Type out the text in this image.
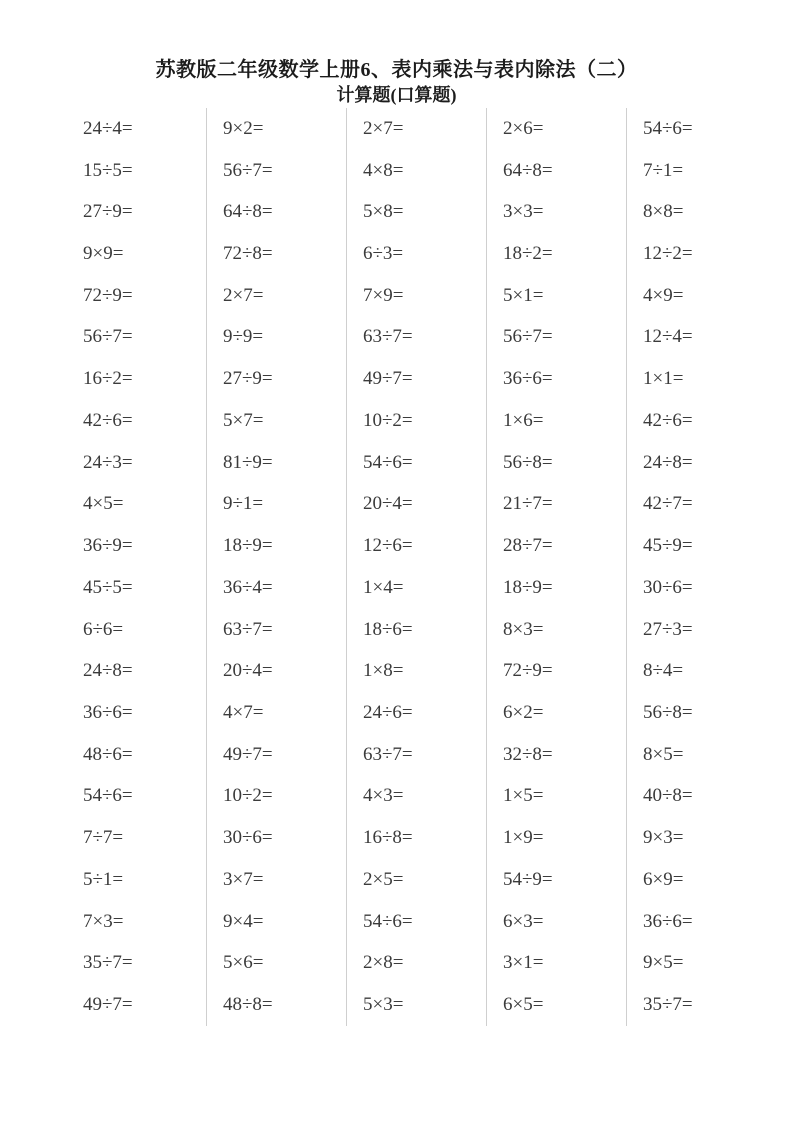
苏教版二年级数学上册6、表内乘法与表内除法（二）
计算题(口算题)
24÷4=	9×2=	2×7=	2×6=	54÷6=
15÷5=	56÷7=	4×8=	64÷8=	7÷1=
27÷9=	64÷8=	5×8=	3×3=	8×8=
9×9=	72÷8=	6÷3=	18÷2=	12÷2=
72÷9=	2×7=	7×9=	5×1=	4×9=
56÷7=	9÷9=	63÷7=	56÷7=	12÷4=
16÷2=	27÷9=	49÷7=	36÷6=	1×1=
42÷6=	5×7=	10÷2=	1×6=	42÷6=
24÷3=	81÷9=	54÷6=	56÷8=	24÷8=
4×5=	9÷1=	20÷4=	21÷7=	42÷7=
36÷9=	18÷9=	12÷6=	28÷7=	45÷9=
45÷5=	36÷4=	1×4=	18÷9=	30÷6=
6÷6=	63÷7=	18÷6=	8×3=	27÷3=
24÷8=	20÷4=	1×8=	72÷9=	8÷4=
36÷6=	4×7=	24÷6=	6×2=	56÷8=
48÷6=	49÷7=	63÷7=	32÷8=	8×5=
54÷6=	10÷2=	4×3=	1×5=	40÷8=
7÷7=	30÷6=	16÷8=	1×9=	9×3=
5÷1=	3×7=	2×5=	54÷9=	6×9=
7×3=	9×4=	54÷6=	6×3=	36÷6=
35÷7=	5×6=	2×8=	3×1=	9×5=
49÷7=	48÷8=	5×3=	6×5=	35÷7=
